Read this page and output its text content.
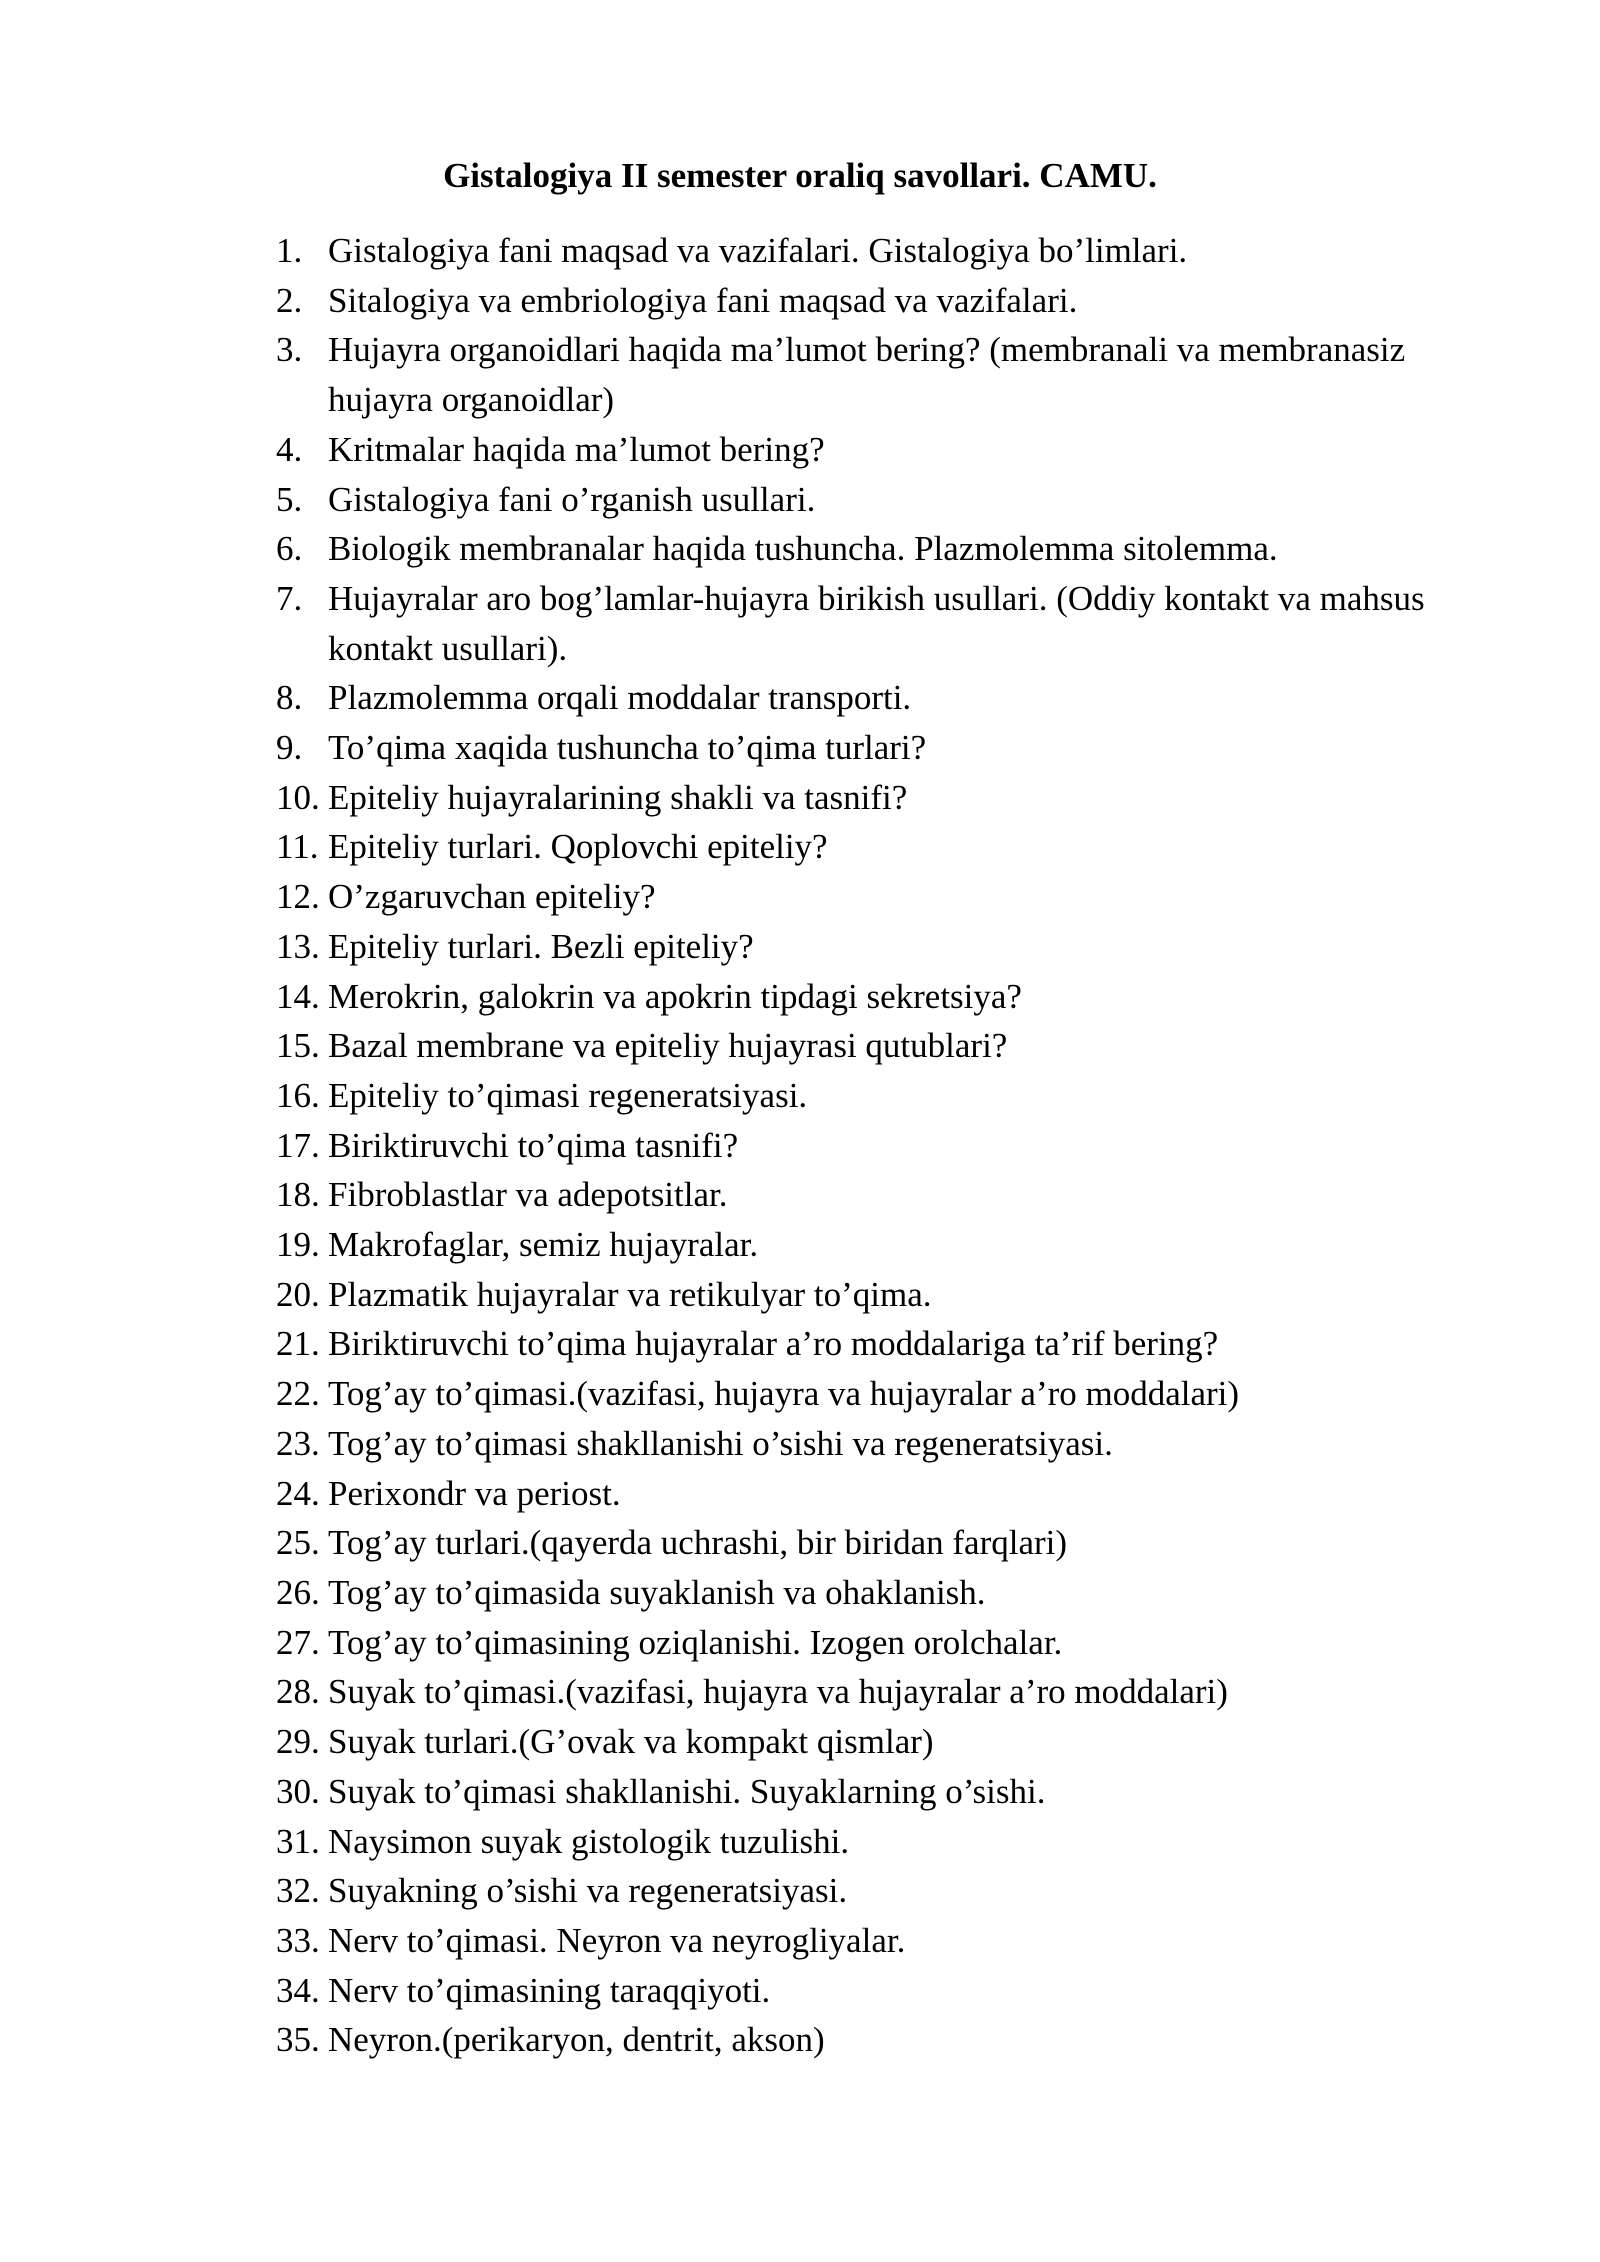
Gistalogiya II semester oraliq savollari. CAMU.
1. Gistalogiya fani maqsad va vazifalari. Gistalogiya bo’limlari.
2. Sitalogiya va embriologiya fani maqsad va vazifalari.
3. Hujayra organoidlari haqida ma’lumot bering? (membranali va membranasiz hujayra organoidlar)
4. Kritmalar haqida ma’lumot bering?
5. Gistalogiya fani o’rganish usullari.
6. Biologik membranalar haqida tushuncha. Plazmolemma sitolemma.
7. Hujayralar aro bog’lamlar-hujayra birikish usullari. (Oddiy kontakt va mahsus kontakt usullari).
8. Plazmolemma orqali moddalar transporti.
9. To’qima xaqida tushuncha to’qima turlari?
10. Epiteliy hujayralarining shakli va tasnifi?
11. Epiteliy turlari. Qoplovchi epiteliy?
12. O’zgaruvchan epiteliy?
13. Epiteliy turlari. Bezli epiteliy?
14. Merokrin, galokrin va apokrin tipdagi sekretsiya?
15. Bazal membrane va epiteliy hujayrasi qutublari?
16. Epiteliy to’qimasi regeneratsiyasi.
17. Biriktiruvchi to’qima tasnifi?
18. Fibroblastlar va adepotsitlar.
19. Makrofaglar, semiz hujayralar.
20. Plazmatik hujayralar va retikulyar to’qima.
21. Biriktiruvchi to’qima hujayralar a’ro moddalariga ta’rif bering?
22. Tog’ay to’qimasi.(vazifasi, hujayra va hujayralar a’ro moddalari)
23. Tog’ay to’qimasi shakllanishi o’sishi va regeneratsiyasi.
24. Perixondr va periost.
25. Tog’ay turlari.(qayerda uchrashi, bir biridan farqlari)
26. Tog’ay to’qimasida suyaklanish va ohaklanish.
27. Tog’ay to’qimasining oziqlanishi. Izogen orolchalar.
28. Suyak to’qimasi.(vazifasi, hujayra va hujayralar a’ro moddalari)
29. Suyak turlari.(G’ovak va kompakt qismlar)
30. Suyak to’qimasi shakllanishi. Suyaklarning o’sishi.
31. Naysimon suyak gistologik tuzulishi.
32. Suyakning o’sishi va regeneratsiyasi.
33. Nerv to’qimasi. Neyron va neyrogliyalar.
34. Nerv to’qimasining taraqqiyoti.
35. Neyron.(perikaryon, dentrit, akson)
